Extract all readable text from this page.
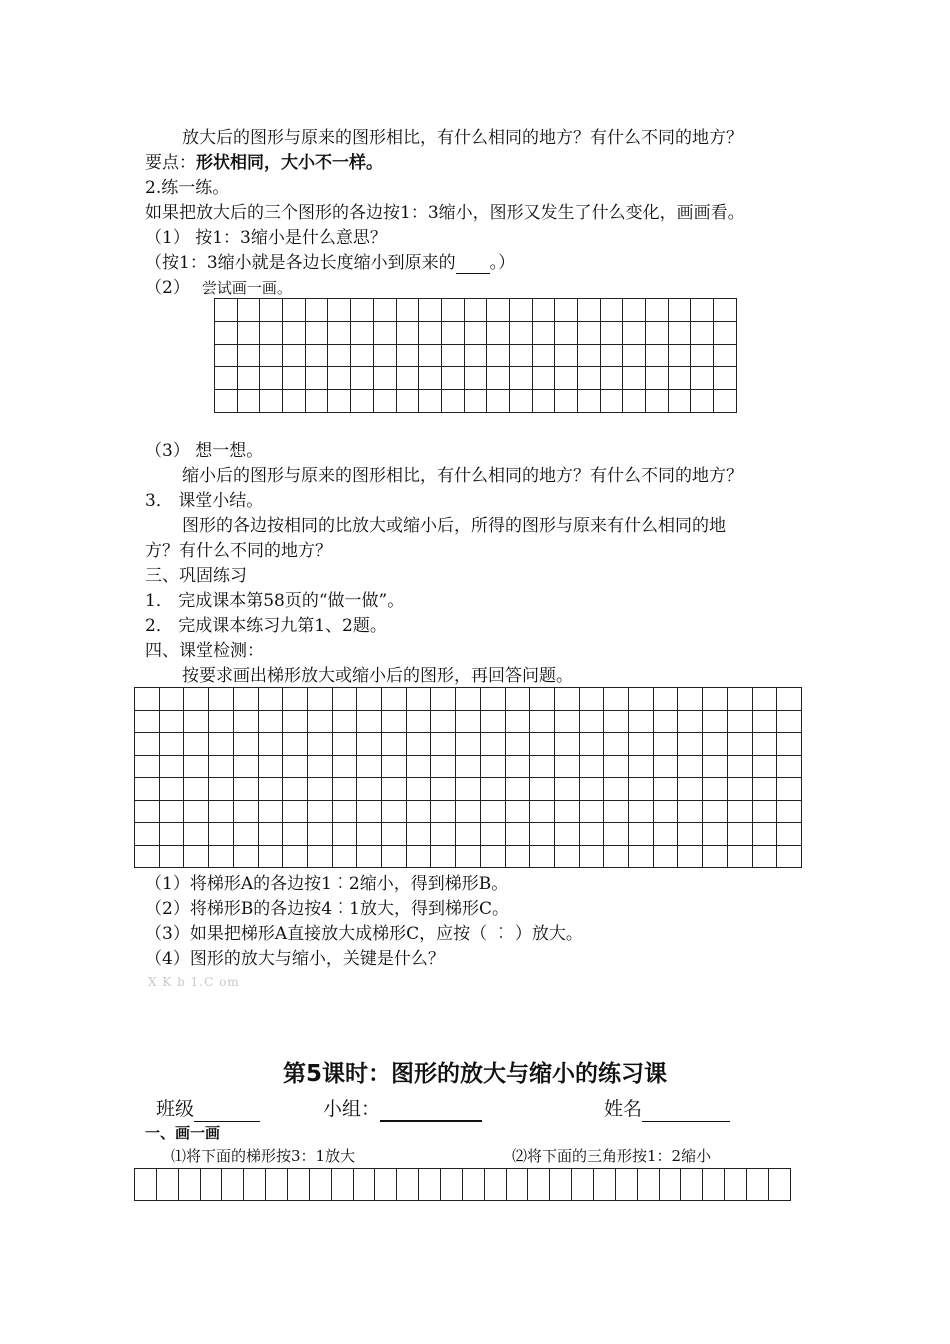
放大后的图形与原来的图形相比，有什么相同的地方？有什么不同的地方？
要点：形状相同，大小不一样。
2.练一练。
如果把放大后的三个图形的各边按1：3缩小，图形又发生了什么变化，画画看。
（1） 按1：3缩小是什么意思？
（按1：3缩小就是各边长度缩小到原来的 。）
（2） 尝试画一画。

（3） 想一想。
缩小后的图形与原来的图形相比，有什么相同的地方？有什么不同的地方？
3． 课堂小结。
图形的各边按相同的比放大或缩小后，所得的图形与原来有什么相同的地
方？有什么不同的地方？
三、巩固练习
1． 完成课本第58页的“做一做”。
2． 完成课本练习九第1、2题。
四、课堂检测：
按要求画出梯形放大或缩小后的图形，再回答问题。

（1）将梯形A的各边按1︰2缩小，得到梯形B。
（2）将梯形B的各边按4︰1放大，得到梯形C。
（3）如果把梯形A直接放大成梯形C，应按（ ︰ ）放大。
（4）图形的放大与缩小，关键是什么？
X K b 1.C om
第5课时：图形的放大与缩小的练习课
班级	小组：	姓名
一、画一画
⑴将下面的梯形按3：1放大	⑵将下面的三角形按1：2缩小
